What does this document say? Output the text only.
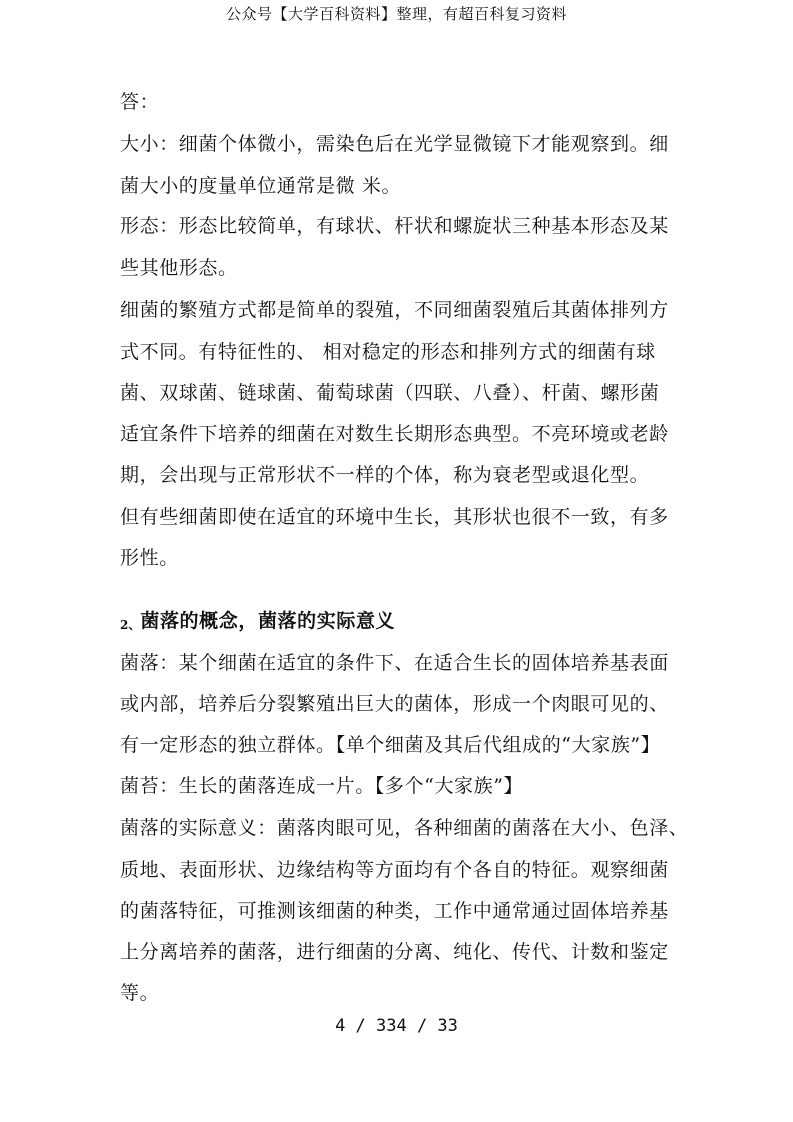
公众号【大学百科资料】整理，有超百科复习资料
答：
大小：细菌个体微小，需染色后在光学显微镜下才能观察到。细
菌大小的度量单位通常是微 米。
形态：形态比较简单，有球状、杆状和螺旋状三种基本形态及某
些其他形态。
细菌的繁殖方式都是简单的裂殖，不同细菌裂殖后其菌体排列方
式不同。有特征性的、 相对稳定的形态和排列方式的细菌有球
菌、双球菌、链球菌、葡萄球菌（四联、八叠）、杆菌、螺形菌
适宜条件下培养的细菌在对数生长期形态典型。不亮环境或老龄
期，会出现与正常形状不一样的个体，称为衰老型或退化型。
但有些细菌即使在适宜的环境中生长，其形状也很不一致，有多
形性。
2、菌落的概念，菌落的实际意义
菌落：某个细菌在适宜的条件下、在适合生长的固体培养基表面
或内部，培养后分裂繁殖出巨大的菌体，形成一个肉眼可见的、
有一定形态的独立群体。【单个细菌及其后代组成的“大家族”】
菌苔：生长的菌落连成一片。【多个“大家族”】
菌落的实际意义：菌落肉眼可见，各种细菌的菌落在大小、色泽、
质地、表面形状、边缘结构等方面均有个各自的特征。观察细菌
的菌落特征，可推测该细菌的种类，工作中通常通过固体培养基
上分离培养的菌落，进行细菌的分离、纯化、传代、计数和鉴定
等。
4 / 334 / 33
